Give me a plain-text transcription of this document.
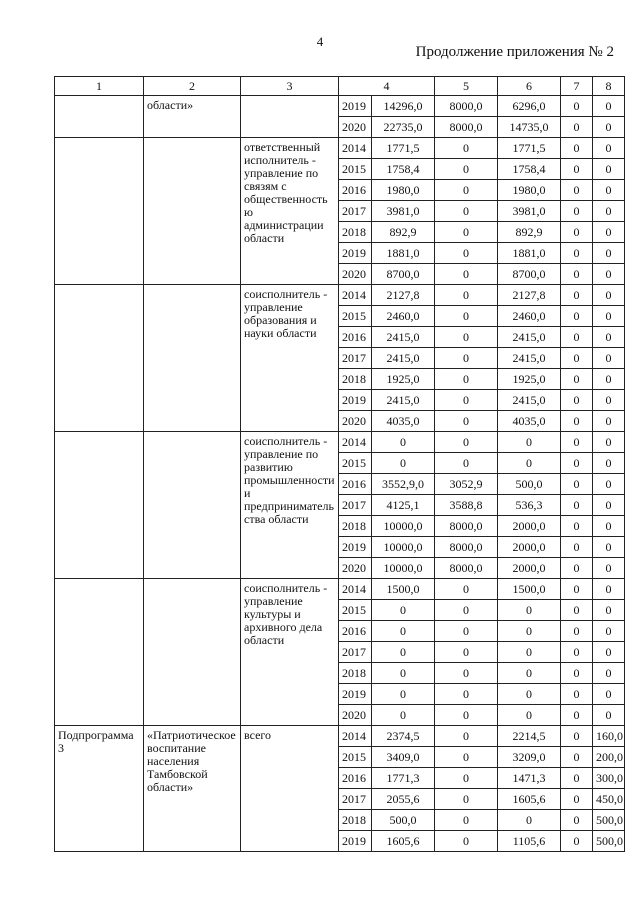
4
Продолжение приложения № 2
1	2	3	4		5	6	7	8
	области»		2019	14296,0	8000,0	6296,0	0	0
			2020	22735,0	8000,0	14735,0	0	0
		ответственный исполнитель - управление по связям с общественностью администрации области	2014	1771,5	0	1771,5	0	0
			2015	1758,4	0	1758,4	0	0
			2016	1980,0	0	1980,0	0	0
			2017	3981,0	0	3981,0	0	0
			2018	892,9	0	892,9	0	0
			2019	1881,0	0	1881,0	0	0
			2020	8700,0	0	8700,0	0	0
		соисполнитель - управление образования и науки области	2014	2127,8	0	2127,8	0	0
			2015	2460,0	0	2460,0	0	0
			2016	2415,0	0	2415,0	0	0
			2017	2415,0	0	2415,0	0	0
			2018	1925,0	0	1925,0	0	0
			2019	2415,0	0	2415,0	0	0
			2020	4035,0	0	4035,0	0	0
		соисполнитель - управление по развитию промышленности и предпринимательства области	2014	0	0	0	0	0
			2015	0	0	0	0	0
			2016	3552,9,0	3052,9	500,0	0	0
			2017	4125,1	3588,8	536,3	0	0
			2018	10000,0	8000,0	2000,0	0	0
			2019	10000,0	8000,0	2000,0	0	0
			2020	10000,0	8000,0	2000,0	0	0
		соисполнитель - управление культуры и архивного дела области	2014	1500,0	0	1500,0	0	0
			2015	0	0	0	0	0
			2016	0	0	0	0	0
			2017	0	0	0	0	0
			2018	0	0	0	0	0
			2019	0	0	0	0	0
			2020	0	0	0	0	0
Подпрограмма 3	«Патриотическое воспитание населения Тамбовской области»	всего	2014	2374,5	0	2214,5	0	160,0
			2015	3409,0	0	3209,0	0	200,0
			2016	1771,3	0	1471,3	0	300,0
			2017	2055,6	0	1605,6	0	450,0
			2018	500,0	0	0	0	500,0
			2019	1605,6	0	1105,6	0	500,0
